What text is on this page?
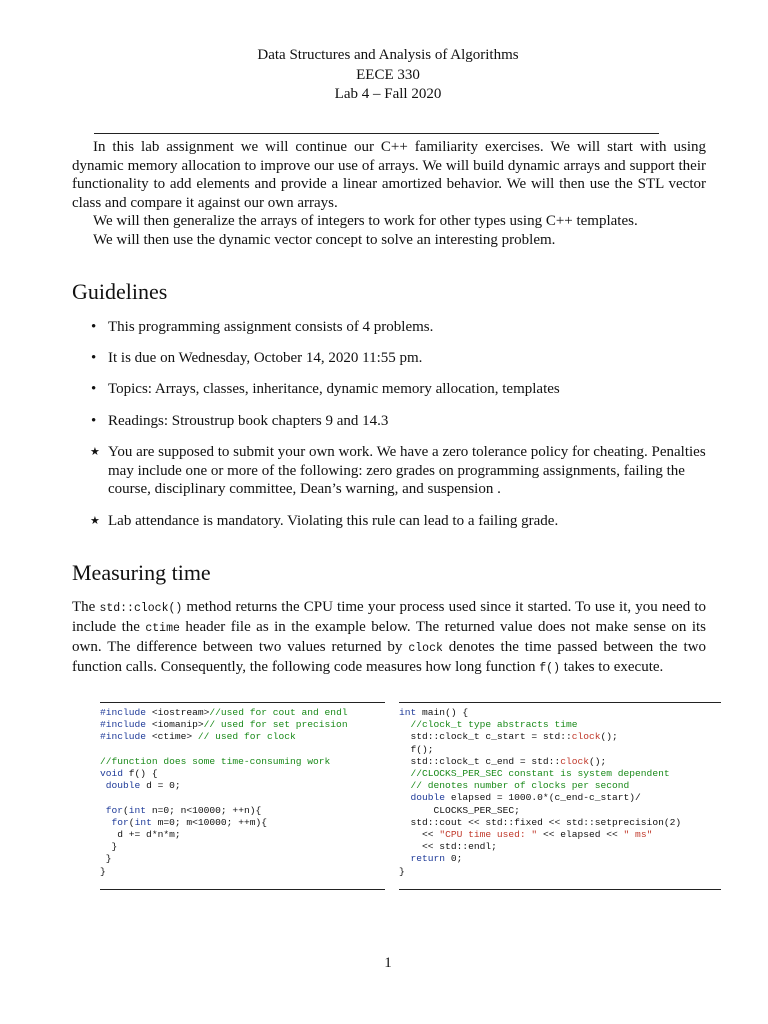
Data Structures and Analysis of Algorithms
EECE 330
Lab 4 – Fall 2020

In this lab assignment we will continue our C++ familiarity exercises. We will start with using dynamic memory allocation to improve our use of arrays. We will build dynamic arrays and support their functionality to add elements and provide a linear amortized behavior. We will then use the STL vector class and compare it against our own arrays.

We will then generalize the arrays of integers to work for other types using C++ templates.

We will then use the dynamic vector concept to solve an interesting problem.

Guidelines
• This programming assignment consists of 4 problems.
• It is due on Wednesday, October 14, 2020 11:55 pm.
• Topics: Arrays, classes, inheritance, dynamic memory allocation, templates
• Readings: Stroustrup book chapters 9 and 14.3
★ You are supposed to submit your own work. We have a zero tolerance policy for cheating. Penalties may include one or more of the following: zero grades on programming assignments, failing the course, disciplinary committee, Dean’s warning, and suspension .
★ Lab attendance is mandatory. Violating this rule can lead to a failing grade.
Measuring time

The std::clock() method returns the CPU time your process used since it started. To use it, you need to include the ctime header file as in the example below. The returned value does not make sense on its own. The difference between two values returned by clock denotes the time passed between the two function calls. Consequently, the following code measures how long function f() takes to execute.

#include <iostream>//used for cout and endl
#include <iomanip>// used for set precision
#include <ctime> // used for clock

//function does some time-consuming work
void f() {
double d = 0;

for(int n=0; n<10000; ++n){
for(int m=0; m<10000; ++m){
d += d*n*m;
}
}
}
int main() {
//clock_t type abstracts time
std::clock_t c_start = std::clock();
f();
std::clock_t c_end = std::clock();
//CLOCKS_PER_SEC constant is system dependent
// denotes number of clocks per second
double elapsed = 1000.0*(c_end-c_start)/
CLOCKS_PER_SEC;
std::cout << std::fixed << std::setprecision(2)
<< "CPU time used: " << elapsed << " ms"
<< std::endl;
return 0;
}
1
